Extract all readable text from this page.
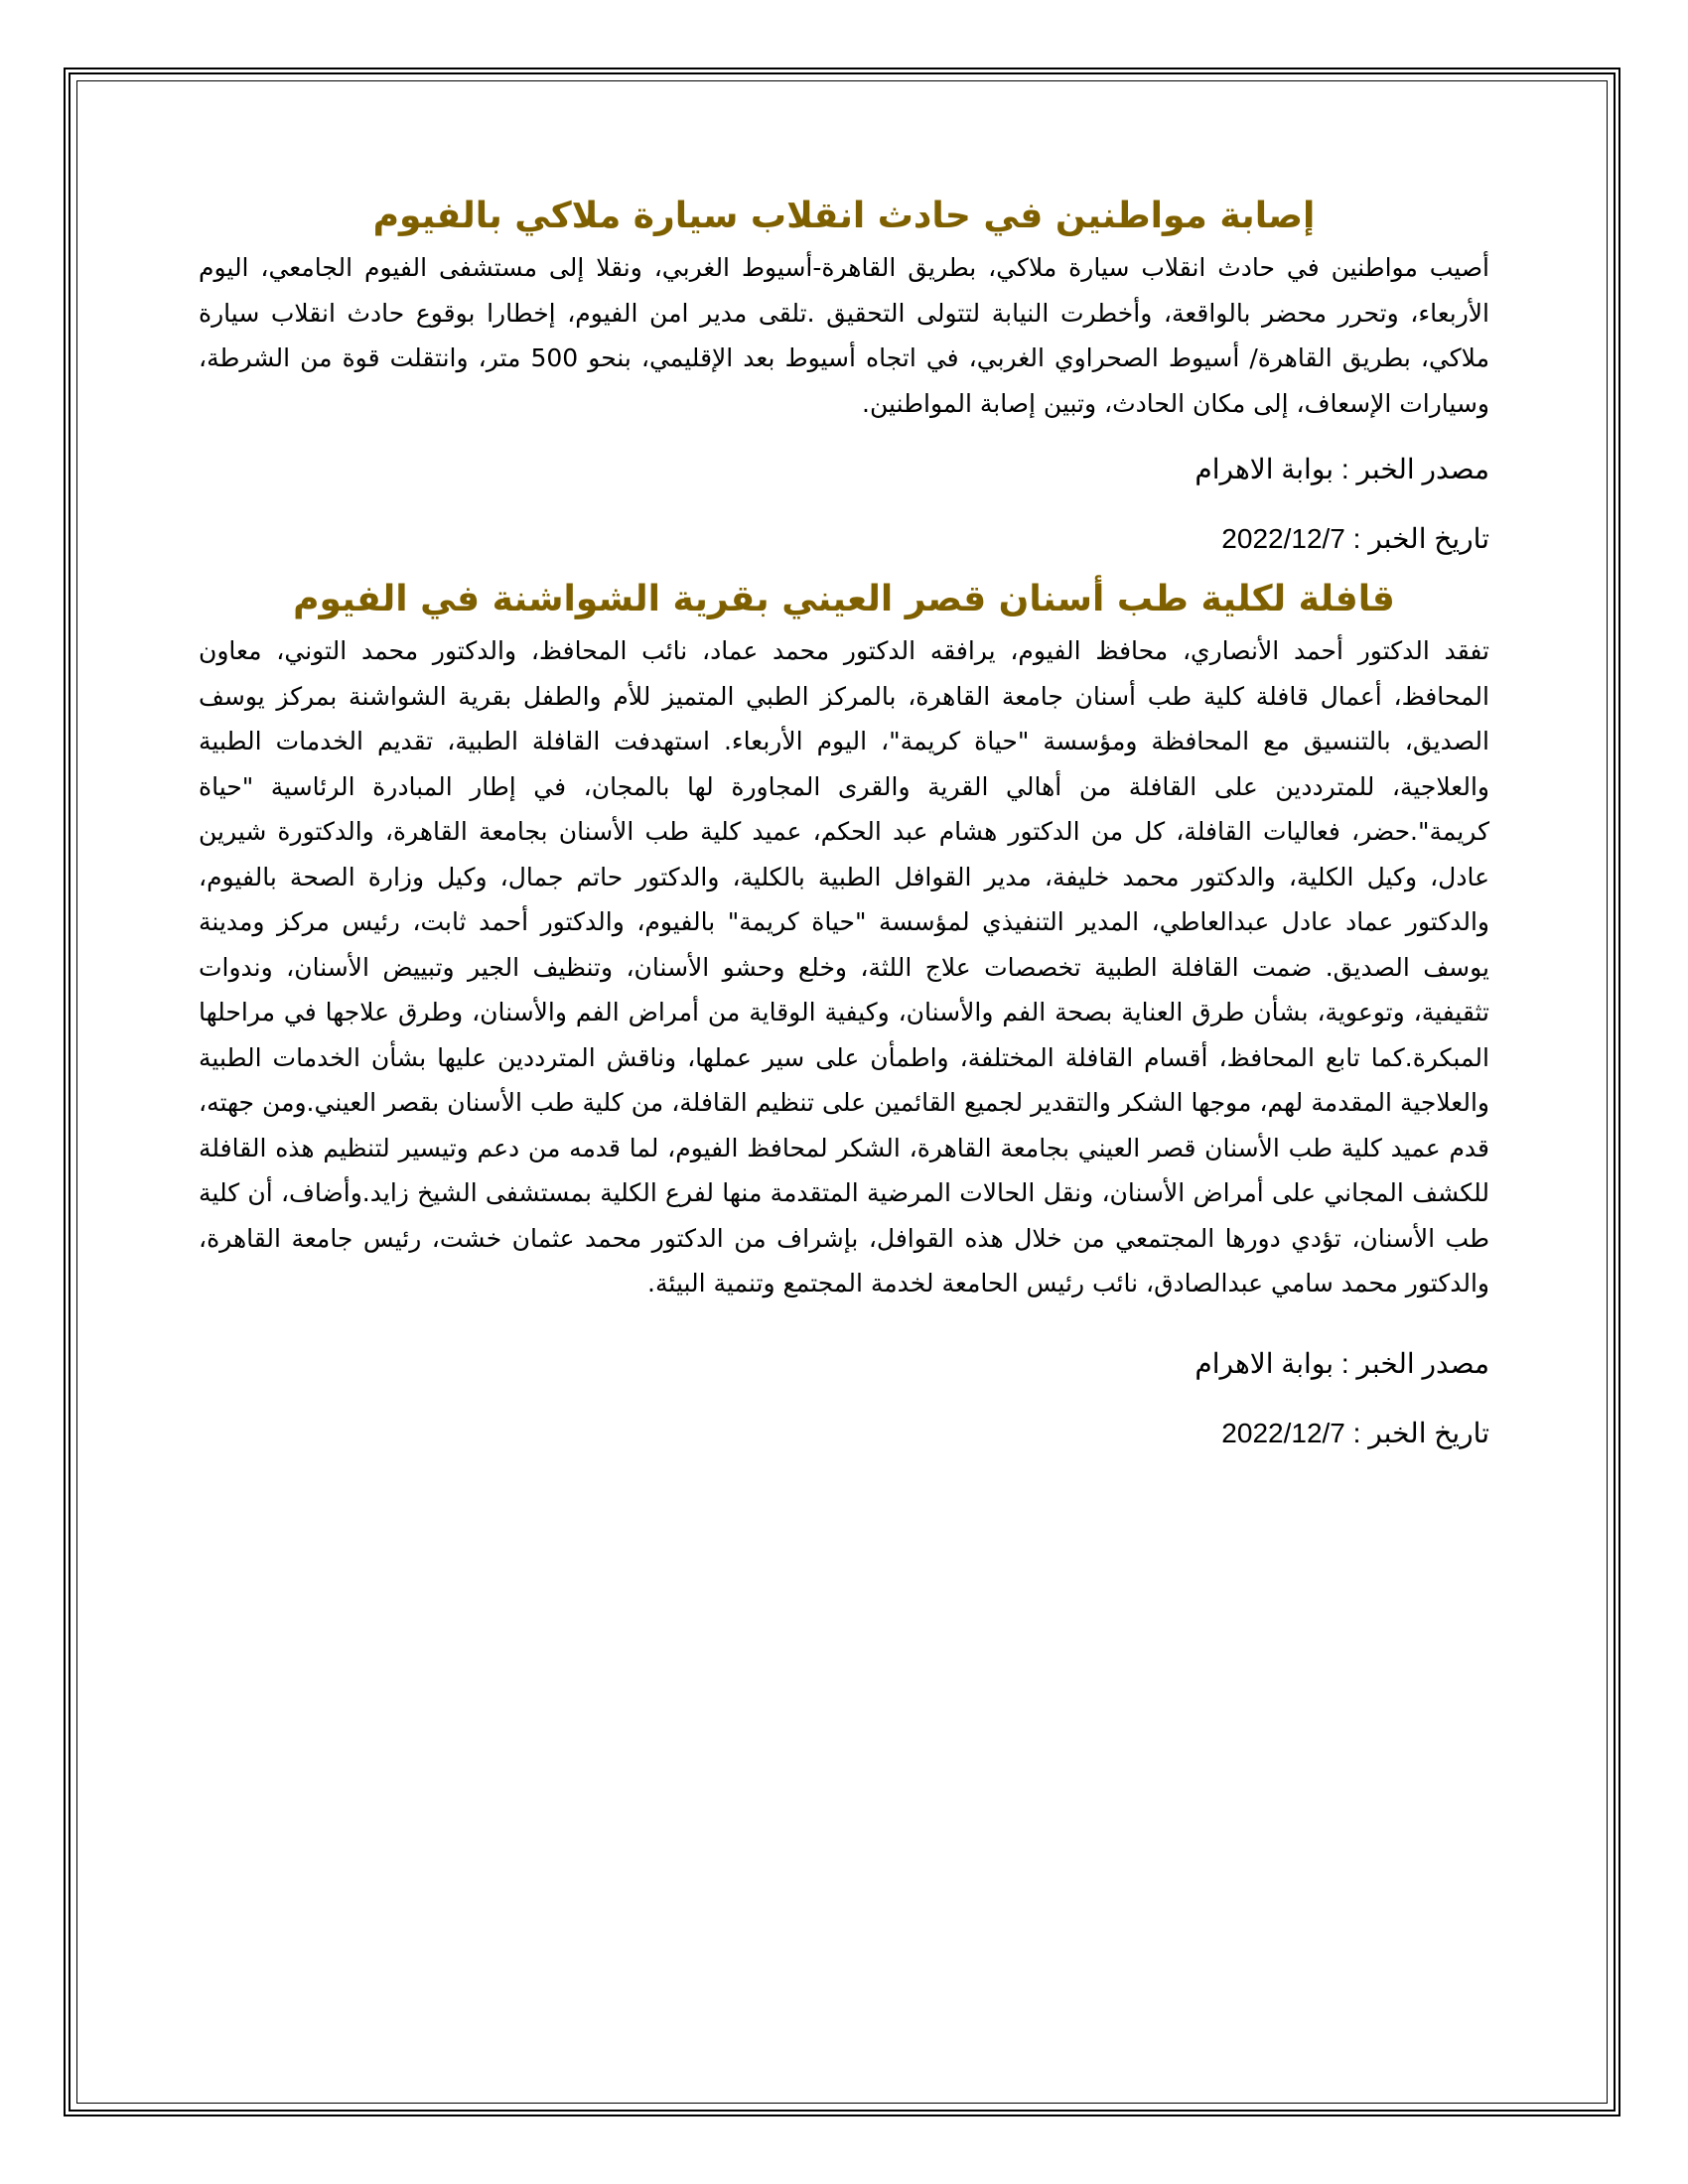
إصابة مواطنين في حادث انقلاب سيارة ملاكي بالفيوم

أصيب مواطنين في حادث انقلاب سيارة ملاكي، بطريق القاهرة-أسيوط الغربي، ونقلا إلى مستشفى الفيوم الجامعي، اليوم الأربعاء، وتحرر محضر بالواقعة، وأخطرت النيابة لتتولى التحقيق .تلقى مدير امن الفيوم، إخطارا بوقوع حادث انقلاب سيارة ملاكي، بطريق القاهرة/ أسيوط الصحراوي الغربي، في اتجاه أسيوط بعد الإقليمي، بنحو 500 متر، وانتقلت قوة من الشرطة، وسيارات الإسعاف، إلى مكان الحادث، وتبين إصابة المواطنين.

مصدر الخبر : بوابة الاهرام

تاريخ الخبر : 2022/12/7

قافلة لكلية طب أسنان قصر العيني بقرية الشواشنة في الفيوم

تفقد الدكتور أحمد الأنصاري، محافظ الفيوم، يرافقه الدكتور محمد عماد، نائب المحافظ، والدكتور محمد التوني، معاون المحافظ، أعمال قافلة كلية طب أسنان جامعة القاهرة، بالمركز الطبي المتميز للأم والطفل بقرية الشواشنة بمركز يوسف الصديق، بالتنسيق مع المحافظة ومؤسسة "حياة كريمة"، اليوم الأربعاء. استهدفت القافلة الطبية، تقديم الخدمات الطبية والعلاجية، للمترددين على القافلة من أهالي القرية والقرى المجاورة لها بالمجان، في إطار المبادرة الرئاسية "حياة كريمة".حضر، فعاليات القافلة، كل من الدكتور هشام عبد الحكم، عميد كلية طب الأسنان بجامعة القاهرة، والدكتورة شيرين عادل، وكيل الكلية، والدكتور محمد خليفة، مدير القوافل الطبية بالكلية، والدكتور حاتم جمال، وكيل وزارة الصحة بالفيوم، والدكتور عماد عادل عبدالعاطي، المدير التنفيذي لمؤسسة "حياة كريمة" بالفيوم، والدكتور أحمد ثابت، رئيس مركز ومدينة يوسف الصديق. ضمت القافلة الطبية تخصصات علاج اللثة، وخلع وحشو الأسنان، وتنظيف الجير وتبييض الأسنان، وندوات تثقيفية، وتوعوية، بشأن طرق العناية بصحة الفم والأسنان، وكيفية الوقاية من أمراض الفم والأسنان، وطرق علاجها في مراحلها المبكرة.كما تابع المحافظ، أقسام القافلة المختلفة، واطمأن على سير عملها، وناقش المترددين عليها بشأن الخدمات الطبية والعلاجية المقدمة لهم، موجها الشكر والتقدير لجميع القائمين على تنظيم القافلة، من كلية طب الأسنان بقصر العيني.ومن جهته، قدم عميد كلية طب الأسنان قصر العيني بجامعة القاهرة، الشكر لمحافظ الفيوم، لما قدمه من دعم وتيسير لتنظيم هذه القافلة للكشف المجاني على أمراض الأسنان، ونقل الحالات المرضية المتقدمة منها لفرع الكلية بمستشفى الشيخ زايد.وأضاف، أن كلية طب الأسنان، تؤدي دورها المجتمعي من خلال هذه القوافل، بإشراف من الدكتور محمد عثمان خشت، رئيس جامعة القاهرة، والدكتور محمد سامي عبدالصادق، نائب رئيس الحامعة لخدمة المجتمع وتنمية البيئة.

مصدر الخبر : بوابة الاهرام

تاريخ الخبر : 2022/12/7
